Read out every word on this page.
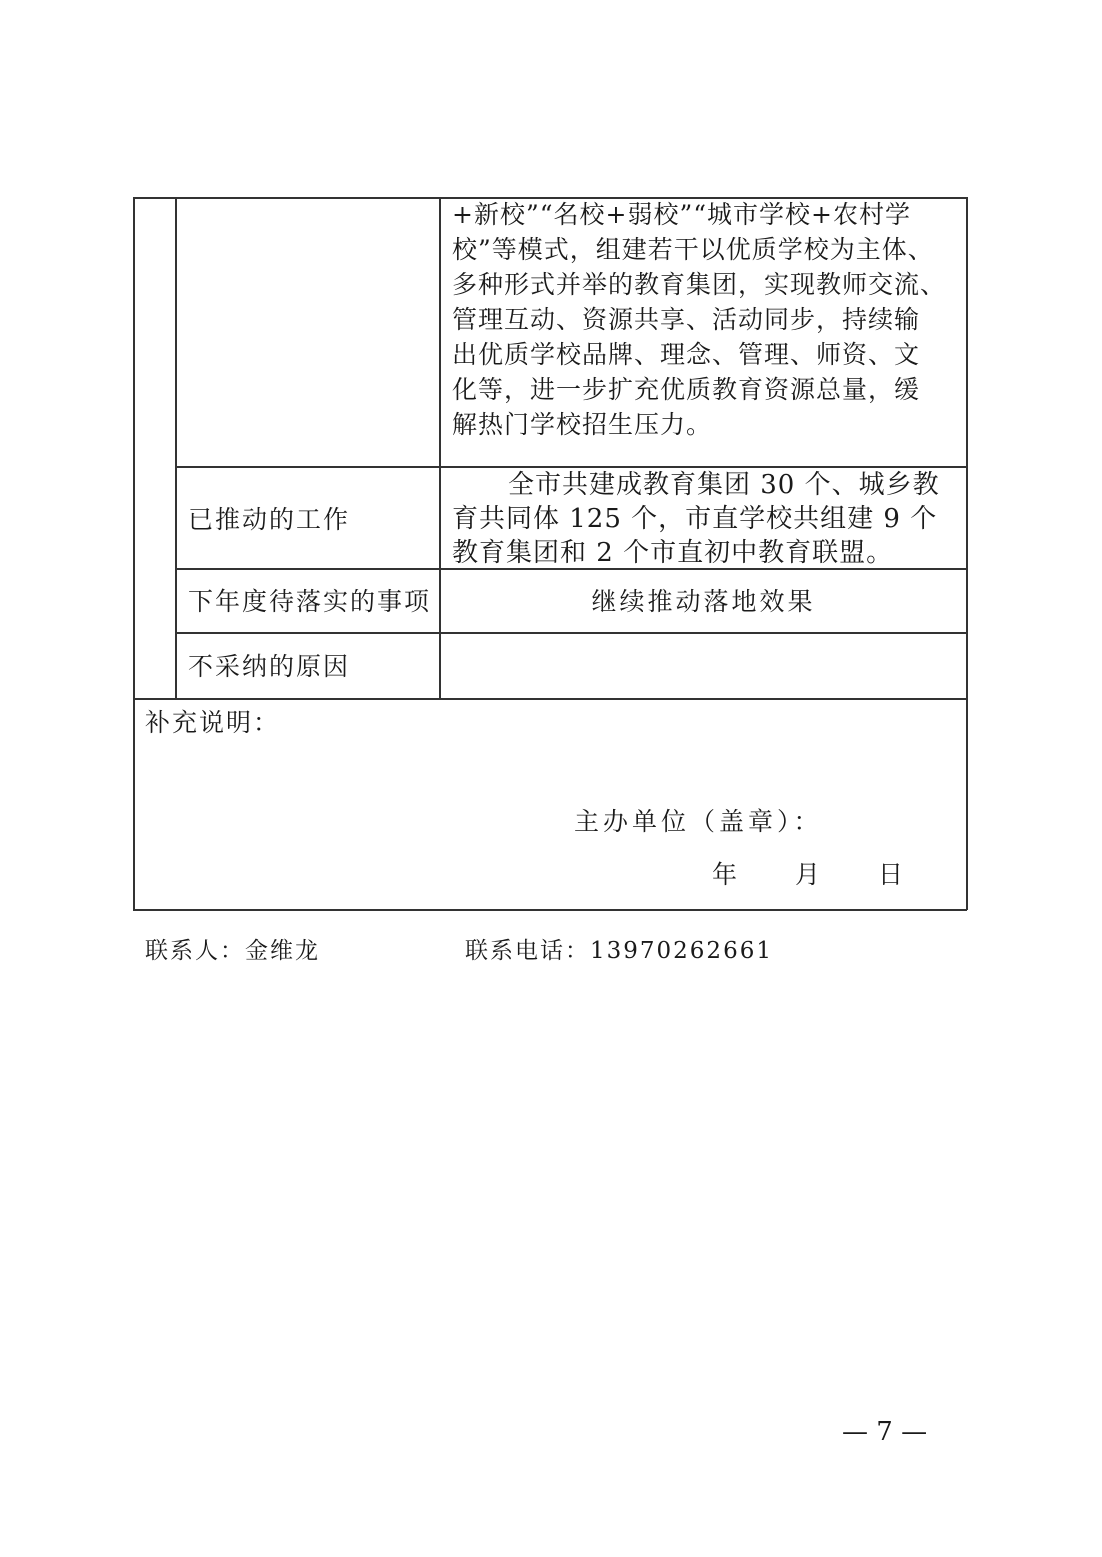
+新校”“名校+弱校”“城市学校+农村学
校”等模式，组建若干以优质学校为主体、
多种形式并举的教育集团，实现教师交流、
管理互动、资源共享、活动同步，持续输
出优质学校品牌、理念、管理、师资、文
化等，进一步扩充优质教育资源总量，缓
解热门学校招生压力。
已推动的工作
全市共建成教育集团 30 个、城乡教
育共同体 125 个，市直学校共组建 9 个
教育集团和 2 个市直初中教育联盟。
下年度待落实的事项	继续推动落地效果
不采纳的原因
补充说明：
主办单位（盖章）：
年 月 日
联系人：金维龙	联系电话：13970262661
— 7 —
